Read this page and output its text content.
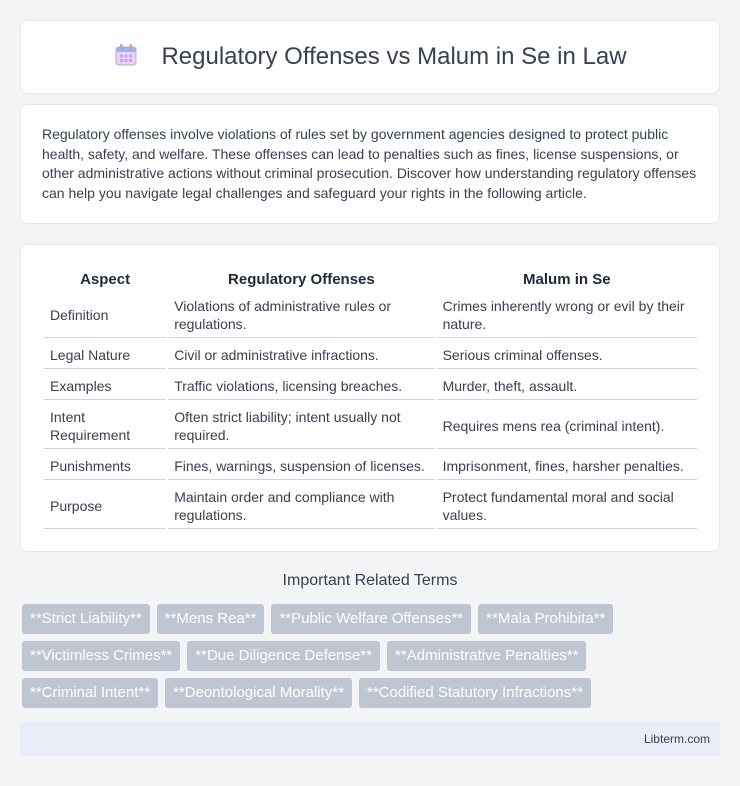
Regulatory Offenses vs Malum in Se in Law

Regulatory offenses involve violations of rules set by government agencies designed to protect public health, safety, and welfare. These offenses can lead to penalties such as fines, license suspensions, or other administrative actions without criminal prosecution. Discover how understanding regulatory offenses can help you navigate legal challenges and safeguard your rights in the following article.

Aspect	Regulatory Offenses	Malum in Se
Definition	Violations of administrative rules or regulations.	Crimes inherently wrong or evil by their nature.
Legal Nature	Civil or administrative infractions.	Serious criminal offenses.
Examples	Traffic violations, licensing breaches.	Murder, theft, assault.
Intent Requirement	Often strict liability; intent usually not required.	Requires mens rea (criminal intent).
Punishments	Fines, warnings, suspension of licenses.	Imprisonment, fines, harsher penalties.
Purpose	Maintain order and compliance with regulations.	Protect fundamental moral and social values.
Important Related Terms
**Strict Liability**	**Mens Rea**	**Public Welfare Offenses**	**Mala Prohibita**
**Victimless Crimes**	**Due Diligence Defense**	**Administrative Penalties**
**Criminal Intent**	**Deontological Morality**	**Codified Statutory Infractions**
Libterm.com
